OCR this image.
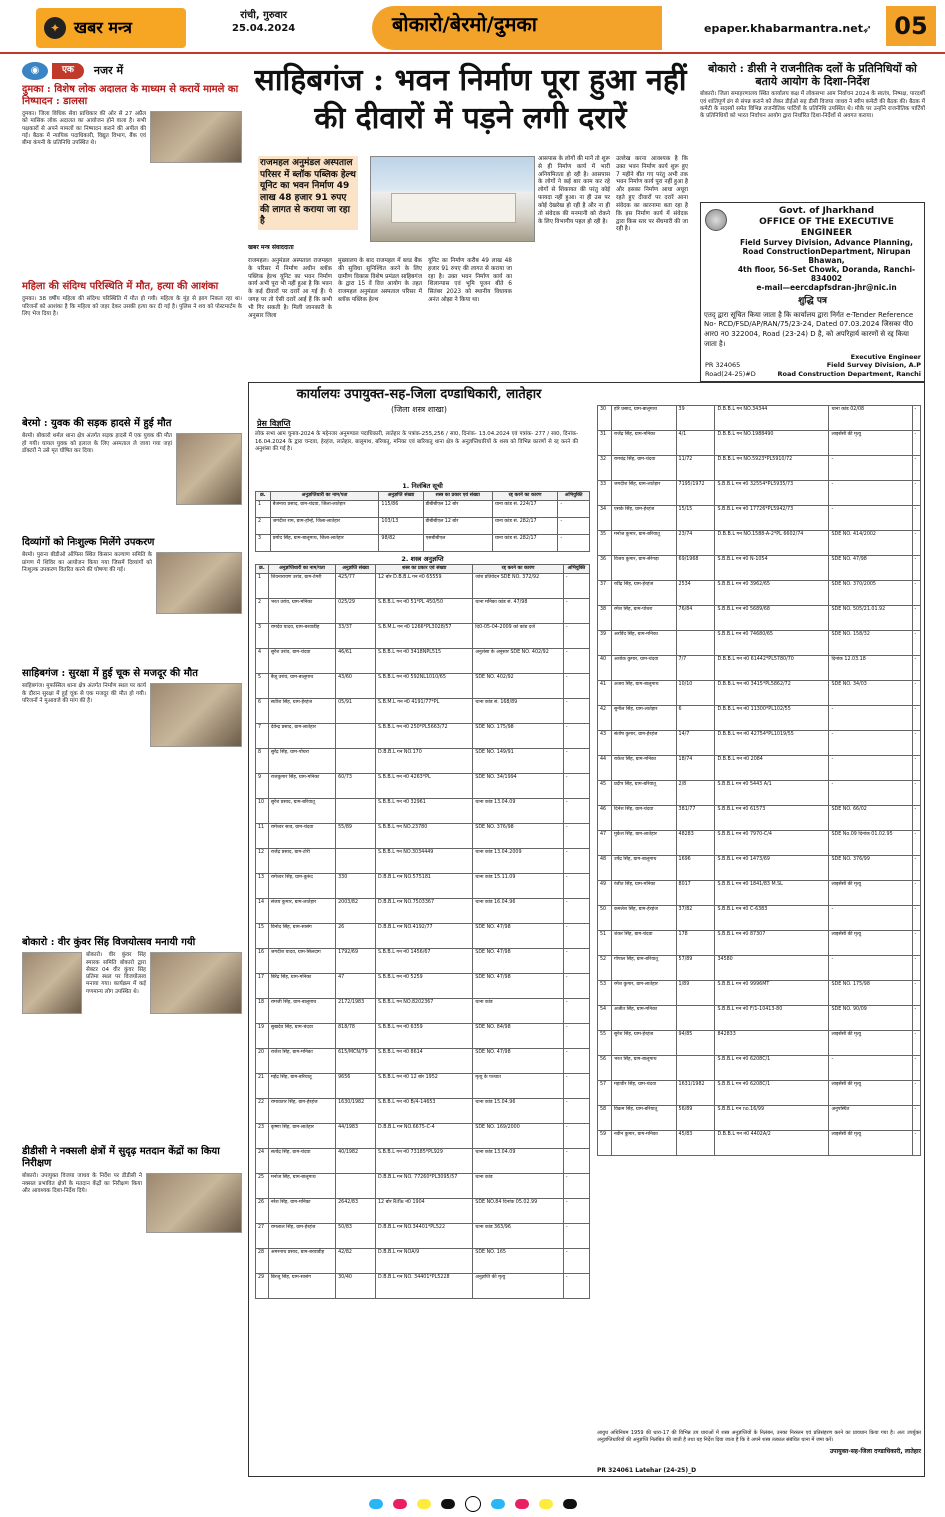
✦ खबर मन्त्र
रांची, गुरुवार
25.04.2024	बोकारो/बेरमो/दुमका	epaper.khabarmantra.net ➶ 05
◉	एक	नजर में
दुमका : विशेष लोक अदालत के माध्यम से करायें मामले का निष्पादन : डालसा
दुमका। जिला विधिक सेवा प्राधिकार की ओर से 27 अप्रैल को मासिक लोक अदालत का आयोजन होने वाला है। सभी पक्षकारों से अपने मामलों का निष्पादन कराने की अपील की गई। बैठक में न्यायिक पदाधिकारी, विद्युत विभाग, बैंक एवं बीमा कंपनी के प्रतिनिधि उपस्थित थे।
महिला की संदिग्ध परिस्थिति में मौत, हत्या की आशंका
दुमका। 38 वर्षीय महिला की संदिग्ध परिस्थिति में मौत हो गयी। महिला के मुंह से झाग निकल रहा था। परिजनों को आशंका है कि महिला को जहर देकर उसकी हत्या कर दी गई है। पुलिस ने शव को पोस्टमार्टम के लिए भेज दिया है।
बेरमो : युवक की सड़क हादसे में हुई मौत
बेरमो। बोकारो थर्मल थाना क्षेत्र अंतर्गत सड़क हादसे में एक युवक की मौत हो गयी। घायल युवक को इलाज के लिए अस्पताल ले जाया गया जहां डॉक्टरों ने उसे मृत घोषित कर दिया।
दिव्यांगों को निःशुल्क मिलेंगे उपकरण
बेरमो। पुराना बीडीओ ऑफिस स्थित किसान कल्याण समिति के प्रांगण में शिविर का आयोजन किया गया जिसमें दिव्यांगों को निःशुल्क उपकरण वितरित करने की घोषणा की गई।
साहिबगंज : सुरक्षा में हुई चूक से मजदूर की मौत
साहिबगंज। मुफस्सिल थाना क्षेत्र अंतर्गत निर्माण स्थल पर कार्य के दौरान सुरक्षा में हुई चूक से एक मजदूर की मौत हो गयी। परिजनों ने मुआवजे की मांग की है।
बोकारो : वीर कुंवर सिंह विजयोत्सव मनायी गयी
बोकारो। वीर कुंवर सिंह स्मारक समिति बोकारो द्वारा सेक्टर 04 वीर कुंवर सिंह प्रतिमा स्थल पर विजयोत्सव मनाया गया। कार्यक्रम में कई गणमान्य लोग उपस्थित थे।
डीडीसी ने नक्सली क्षेत्रों में सुदृढ़ मतदान केंद्रों का किया निरीक्षण
बोकारो। उपायुक्त विजया जाधव के निर्देश पर डीडीसी ने नक्सल प्रभावित क्षेत्रों के मतदान केंद्रों का निरीक्षण किया और आवश्यक दिशा-निर्देश दिये।
साहिबगंज : भवन निर्माण पूरा हुआ नहीं की दीवारों में पड़ने लगी दरारें
राजमहल अनुमंडल अस्पताल परिसर में ब्लॉक पब्लिक हेल्थ यूनिट का भवन निर्माण 49 लाख 48 हजार 91 रुपए की लागत से कराया जा रहा है
खबर मन्त्र संवाददाता
राजमहल। अनुमंडल अस्पताल राजमहल के परिसर में निर्माण अधीन ब्लॉक पब्लिक हेल्थ यूनिट का भवन निर्माण कार्य अभी पूरा भी नहीं हुआ है कि भवन के कई दीवारों पर दरारें आ गई हैं। ये जगह पर तो ऐसी दरारें आई हैं कि कभी भी गिर सकती है। मिली जानकारी के अनुसार जिला
मुख्यालय के बाद राजमहल में ब्लड बैंक की सुविधा सुनिश्चित करने के लिए ग्रामीण विकास विशेष प्रमंडल साहिबगंज के द्वारा 15 वें वित्त आयोग के तहत राजमहल अनुमंडल अस्पताल परिसर में ब्लॉक पब्लिक हेल्थ
यूनिट का निर्माण करीब 49 लाख 48 हजार 91 रुपए की लागत से कराया जा रहा है। उक्त भवन निर्माण कार्य का शिलान्यास एवं भूमि पूजन बीते 6 सितंबर 2023 को स्थानीय विधायक अनंत ओझा ने किया था।
आसपास के लोगों की मानें तो शुरू से ही निर्माण कार्य में भारी अनियमितता हो रही है। आसपास के लोगों ने कई बार काम कर रहे लोगों से शिकायत की परंतु कोई फायदा नहीं हुआ। ना ही उस पर कोई देखरेख हो रही है और ना ही तो संवेदक की मनमानी को रोकने के लिए विभागीय पहल हो रही है।
उल्लेख करना आवश्यक है कि उक्त भवन निर्माण कार्य शुरू हुए 7 महीने बीत गए परंतु अभी तक भवन निर्माण कार्य पूरा नहीं हुआ है और इसका निर्माण आधा अधूरा रहते हुए दीवारों पर दरारें आना संवेदक का कारनामा बता रहा है कि इस निर्माण कार्य में संवेदक द्वारा किस स्तर पर सेंधमारी की जा रही है।
बोकारो : डीसी ने राजनीतिक दलों के प्रतिनिधियों को बताये आयोग के दिशा-निर्देश
बोकारो। जिला समाहरणालय स्थित कार्यालय कक्ष में लोकसभा आम निर्वाचन 2024 के स्वतंत्र, निष्पक्ष, पारदर्शी एवं शांतिपूर्ण ढंग से संपन्न कराने को लेकर डीईओ सह डीसी विजया जाधव ने स्वीप कमेटी की बैठक की। बैठक में कमेटी के सदस्यों समेत विभिन्न राजनीतिक पार्टियों के प्रतिनिधि उपस्थित थे। मौके पर उन्होंने राजनीतिक पार्टियों के प्रतिनिधियों को भारत निर्वाचन आयोग द्वारा निर्धारित दिशा-निर्देशों से अवगत कराया।
Govt. of Jharkhand
OFFICE OF THE EXECUTIVE ENGINEER
Field Survey Division, Advance Planning, Road ConstructionDepartment, Nirupan Bhawan,
4th floor, 56-Set Chowk, Doranda, Ranchi-834002
e-mail—eercdapfsdran-jhr@nic.in
शुद्धि पत्र
एतद् द्वारा सूचित किया जाता है कि कार्यालय द्वारा निर्गत e-Tender Reference No- RCD/FSD/AP/RAN/75/23-24, Dated 07.03.2024 जिसका पी0 आर0 न0 322004, Road (23-24) D है, को अपरिहार्य कारणों से रद्द किया जाता है।
Executive Engineer
Field Survey Division, A.P
Road Construction Department, Ranchi
PR 324065
Road(24-25)#D
कार्यालयः उपायुक्त-सह-जिला दण्डाधिकारी, लातेहार
(जिला शस्त्र शाखा)
प्रेस विज्ञप्ति
लोक सभा आम चुनाव-2024 के मद्देनजर अनुमण्डल पदाधिकारी, लातेहार के पत्रांक-255,256 / सा0, दिनांक- 13.04.2024 एवं पत्रांक- 277 / सा0, दिनांक- 16.04.2024 के द्वारा चन्दवा, हेरहंज, लातेहार, बालूमाथ, बरियातू, मनिका एवं बारियातू थाना क्षेत्र के अनुज्ञप्तिधारियों के शस्त्र को विभिन्न कारणों से रद्द करने की अनुशंसा की गई है।
1. निलंबित सूची
क्र.	अनुज्ञप्तिधारी का नाम/पता	अनुज्ञप्ति संख्या	शस्त्र का प्रकार एवं संख्या	रद्द करने का कारण	अभियुक्ति
1	बैजनाथ प्रसाद, ग्राम-चंदवा, जिला-लातेहार	115/86	डीबीबीएल 12 बोर	थाना कांड सं. 224/17	-
2	जगदीश राम, ग्राम-होन्हे, जिला-लातेहार	103/13	डीबीबीएल 12 बोर	थाना कांड सं. 282/17	-
3	प्रमोद सिंह, ग्राम-बालूमाथ, जिला-लातेहार	98/82	एसबीबीएल	थाना कांड सं. 282/17	-
2. शस्त्र अनुज्ञप्ति
क्र.	अनुज्ञप्तिधारी का नाम/पता	अनुज्ञप्ति संख्या	शस्त्र का प्रकार एवं संख्या	रद्द करने का कारण	अभियुक्ति
1	शिवनारायण उरांव, ग्राम-टेमरी	425/77	12 बोर D.B.B.L गन नं0 65559	जांच प्रतिवेदन SDE NO. 372/92	-
2	भरत उरांव, ग्राम-मनिका	025/29	S.B.B.L गन नं0 51*PL 450/50	थाना मनिका कांड सं. 47/98	-
3	रामदेव यादव, ग्राम-बरवाडीह	33/37	S.B.M.L गन नं0 1266*PL3028/57	दि0-05-04-2009 को कांड दर्ज	-
4	सुरेश उरांव, ग्राम-चंदवा	46/61	S.B.B.L गन नं0 3418NPL515	अनुशंसा के अनुसार SDE NO. 402/92	-
5	बैजू उरांव, ग्राम-बालूमाथ	43/60	S.B.B.L गन नं0 592NL1010/65	SDE NO. 402/92	-
6	सतीश सिंह, ग्राम-हेरहंज	05/91	S.B.M.L गन नं0 4191/77*PL	थाना कांड सं. 168/89	-
7	देवेन्द्र प्रसाद, ग्राम-लातेहार		S.B.B.L गन नं0 250*PL5663/72	SDE NO. 175/98	-
8	सुरेंद्र सिंह, ग्राम-पोचरा		D.B.B.L गन NO.170	SDE NO. 149/91	-
9	राजकुमार सिंह, ग्राम-मनिका	60/73	S.B.B.L गन नं0 4263*PL	SDE NO. 34/1994	-
10	सुरेश प्रसाद, ग्राम-बरियातू		S.B.B.L गन नं0 32961	थाना कांड 13.04.09	-
11	रामेश्वर साव, ग्राम-चंदवा	55/89	S.B.B.L गन NO.23780	SDE NO. 376/98	-
12	राजेंद्र प्रसाद, ग्राम-टोरी		S.B.B.L गन NO.3034449	थाना कांड 13.04.2009	-
13	रामेश्वर सिंह, ग्राम-कुरुंद	330	D.B.B.L गन NO.575181	थाना कांड 15.11.09	-
14	संजय कुमार, ग्राम-लातेहार	2003/82	D.B.B.L गन NO.7503367	थाना कांड 16.04.96	-
15	विनोद सिंह, ग्राम-सासंग	26	D.B.B.L गन NO.4192/77	SDE NO. 47/98	-
16	जगदीश यादव, ग्राम-सिलदाग	1792/69	S.B.B.L गन नं0 1456/67	SDE NO. 47/98	-
17	बिरेंद्र सिंह, ग्राम-मनिका	47	S.B.B.L गन नं0 5259	SDE NO. 47/98	-
18	रामजी सिंह, ग्राम-बालूमाथ	2172/1983	S.B.B.L गन NO.8202367	थाना कांड	-
19	सुखदेव सिंह, ग्राम-चंदवा	818/78	S.B.B.L गन नं0 6359	SDE NO. 84/98	-
20	राजेश सिंह, ग्राम-मनिका	615/MCN/79	S.B.B.L गन नं0 8614	SDE NO. 47/98	-
21	महेंद्र सिंह, ग्राम-बरियातू	9656	S.B.B.L गन नं0 12 बोर 1952	मृत्यु के पश्चात	-
22	रामावतार सिंह, ग्राम-हेरहंज	1630/1982	S.B.B.L गन नं0 B/4-14653	थाना कांड 15.04.96	-
23	कृष्णा सिंह, ग्राम-लातेहार	44/1983	D.B.B.L गन NO.6675-C-4	SDE NO. 169/2000	-
24	सत्येंद्र सिंह, ग्राम-चंदवा	40/1982	S.B.B.L गन नं0 73185*PL929	थाना कांड 13.04.09	-
25	मनोज सिंह, ग्राम-बालूमाथ		D.B.B.L गन NO. 77260*PL3095/57	थाना कांड	-
26	नरेश सिंह, ग्राम-मनिका	2642/83	12 बोर Rifle नं0 1904	SDE NO.84 दिनांक 05.02.99	-
27	रामलाल सिंह, ग्राम-हेरहंज	50/83	D.B.B.L गन NO.34401*PL522	थाना कांड 363/96	-
28	अमरनाथ प्रसाद, ग्राम-बरवाडीह	42/82	D.B.B.L गन NOA/9	SDE NO. 165	-
29	बिरजू सिंह, ग्राम-सासंग	30/40	D.B.B.L गन NO. 34401*PL5228	अनुज्ञप्ति की मृत्यु	-
30	हरि प्रसाद, ग्राम-बालूमाथ	39	D.B.B.L गन NO.34344	थाना कांड 02/08	-
31	राजेंद्र सिंह, ग्राम-मनिका	4/1	D.B.B.L गन NO.1988490	लाइसेंसी की मृत्यु	-
32	रामचंद्र सिंह, ग्राम-चंदवा	11/72	D.B.B.L गन NO.5923*PL5910/72	-	-
33	जगदीश सिंह, ग्राम-लातेहार	7195/1972	S.B.B.L गन नं0 32554*PL5935/73	-	-
34	एसके सिंह, ग्राम-हेरहंज	15/15	S.B.B.L गन नं0 17726*PL5942/73	-	-
35	मनोज कुमार, ग्राम-बरियातू	23/74	D.B.B.L गन NO.1588-A-2*PL 6602/74	SDE NO. 414/2002	-
36	विजय कुमार, ग्राम-सेरेगड़ा	69/1968	S.B.B.L गन नं0 N-1054	SDE NO. 47/98	-
37	रवींद्र सिंह, ग्राम-हेरहंज	2534	S.B.B.L गन नं0 3962/65	SDE NO. 370/2005	-
38	रमेश सिंह, ग्राम-पोचरा	76/84	S.B.B.L गन नं0 5689/68	SDE NO. 505/21.01.92	-
39	अरविंद सिंह, ग्राम-मनिका		S.B.B.L गन नं0 74680/65	SDE NO. 158/32	-
40	अशोक कुमार, ग्राम-चंदवा	7/7	D.B.B.L गन नं0 61442*PL5780/70	दिनांक 12.03.18	-
41	अजय सिंह, ग्राम-बालूमाथ	10/10	D.B.B.L गन नं0 3415*PL5862/72	SDE NO. 34/03	-
42	सुनील सिंह, ग्राम-लातेहार	6	D.B.B.L गन नं0 11300*PL102/55	-	-
43	संतोष कुमार, ग्राम-हेरहंज	14/7	D.B.B.L गन नं0 42754*PL1019/55	-	-
44	राकेश सिंह, ग्राम-मनिका	18/74	D.B.B.L गन नं0 2084	-	-
45	प्रदीप सिंह, ग्राम-बरियातू	2/8	S.B.B.L गन नं0 5443 A/1	-	-
46	दिनेश सिंह, ग्राम-चंदवा	381/77	S.B.B.L गन नं0 61573	SDE NO. 66/02	-
47	मुकेश सिंह, ग्राम-लातेहार	48283	S.B.B.L गन नं0 7970-C/4	SDE No.09 दिनांक 01.02.95	-
48	उपेंद्र सिंह, ग्राम-बालूमाथ	1696	S.B.B.L गन नं0 1473/69	SDE NO. 376/99	-
49	रंजीत सिंह, ग्राम-मनिका	8017	S.B.B.L गन नं0 1841/83 M.SL	लाइसेंसी की मृत्यु	-
50	कमलेश सिंह, ग्राम-हेरहंज	37/82	S.B.B.L गन नं0 C-6383	-	-
51	शंकर सिंह, ग्राम-चंदवा	178	S.B.B.L गन नं0 87307	लाइसेंसी की मृत्यु	-
52	गोपाल सिंह, ग्राम-बरियातू	57/89	34580	-	-
53	रमेश कुमार, ग्राम-लातेहार	1/89	S.B.B.L गन नं0 9996MT	SDE NO. 175/98	-
54	अजीत सिंह, ग्राम-मनिका		S.B.B.L गन नं0 F/1-10413-80	SDE NO. 90/09	-
55	सुरेश सिंह, ग्राम-हेरहंज	94/85	842833	लाइसेंसी की मृत्यु	-
56	भरत सिंह, ग्राम-बालूमाथ		S.B.B.L गन नं0 6208C/1	-	-
57	महावीर सिंह, ग्राम-चंदवा	1631/1982	S.B.B.L गन नं0 6208C/1	लाइसेंसी की मृत्यु	-
58	विक्रम सिंह, ग्राम-बरियातू	56/89	S.B.B.L गन no.16/99	अनुपस्थित	-
59	नवीन कुमार, ग्राम-मनिका	45/83	D.B.B.L गन नं0 4402A/2	लाइसेंसी की मृत्यु	-
आयुध अधिनियम 1959 की धारा-17 की विभिन्न उप धाराओं में शस्त्र अनुज्ञप्तियों के निलंबन, उनका निरस्तन एवं प्रतिसंहरण करने का प्रावधान किया गया है। अतः उपर्युक्त अनुज्ञप्तिधारियों की अनुज्ञप्ति निलंबित की जाती है तथा यह निर्देश दिया जाता है कि वे अपने शस्त्र तत्काल संबंधित थाना में जमा करें।
उपायुक्त-सह-जिला दण्डाधिकारी, लातेहार
PR 324061 Latehar (24-25)_D
